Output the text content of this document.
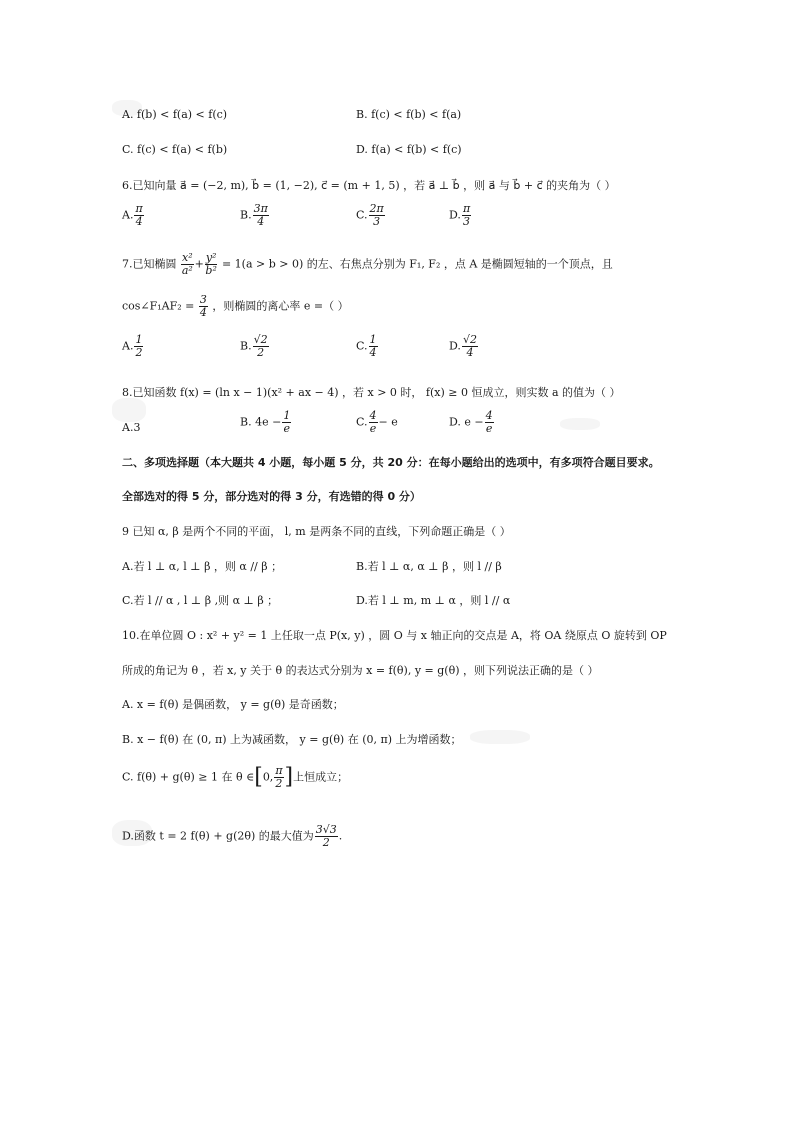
A. f(b) < f(a) < f(c)	B. f(c) < f(b) < f(a)
C. f(c) < f(a) < f(b)	D. f(a) < f(b) < f(c)
6.已知向量 a⃗ = (−2, m), b⃗ = (1, −2), c⃗ = (m + 1, 5) ，若 a⃗ ⊥ b⃗ ，则 a⃗ 与 b⃗ + c⃗ 的夹角为（ ）
A. $\frac{\pi}{4}$	B. $\frac{3\pi}{4}$	C. $\frac{2\pi}{3}$	D. $\frac{\pi}{3}$
7.已知椭圆 $\frac{\text{x²}}{\text{a²}} + \frac{\text{y²}}{\text{b²}} = 1(a > b > 0)$ 的左、右焦点分别为 F₁, F₂ ，点 A 是椭圆短轴的一个顶点，且
cos∠F₁AF₂ = $\frac{3}{4}$ ，则椭圆的离心率 e =（ ）
A. $\frac{1}{2}$	B. $\frac{√2}{2}$	C. $\frac{1}{4}$	D. $\frac{√2}{4}$
8.已知函数 f(x) = (ln x − 1)(x² + ax − 4) ，若 x > 0 时， f(x) ≥ 0 恒成立，则实数 a 的值为（ ）
A.3	B. $4e - \frac{1}{e}$	C. $\frac{4}{e} - e$	D. $e - \frac{4}{e}$
二、多项选择题（本大题共 4 小题，每小题 5 分，共 20 分：在每小题给出的选项中，有多项符合题目要求。
全部选对的得 5 分，部分选对的得 3 分，有选错的得 0 分）
9 已知 α, β 是两个不同的平面， l, m 是两条不同的直线，下列命题正确是（ ）
A.若 l ⊥ α, l ⊥ β ，则 α // β ；	B.若 l ⊥ α, α ⊥ β ，则 l // β
C.若 l // α , l ⊥ β ,则 α ⊥ β ；	D.若 l ⊥ m, m ⊥ α ，则 l // α
10.在单位圆 O : x² + y² = 1 上任取一点 P(x, y) ，圆 O 与 x 轴正向的交点是 A，将 OA 绕原点 O 旋转到 OP
所成的角记为 θ ，若 x, y 关于 θ 的表达式分别为 x = f(θ), y = g(θ) ，则下列说法正确的是（ ）
A. x = f(θ) 是偶函数， y = g(θ) 是奇函数；
B. x − f(θ) 在 (0, π) 上为减函数， y = g(θ) 在 (0, π) 上为增函数；
C. f(θ) + g(θ) ≥ 1 在 θ ∈[0, $\frac{\pi}{2}$ ]上恒成立；
D.函数 t = 2 f(θ) + g(2θ) 的最大值为 $\frac{3√3}{2}$ .
